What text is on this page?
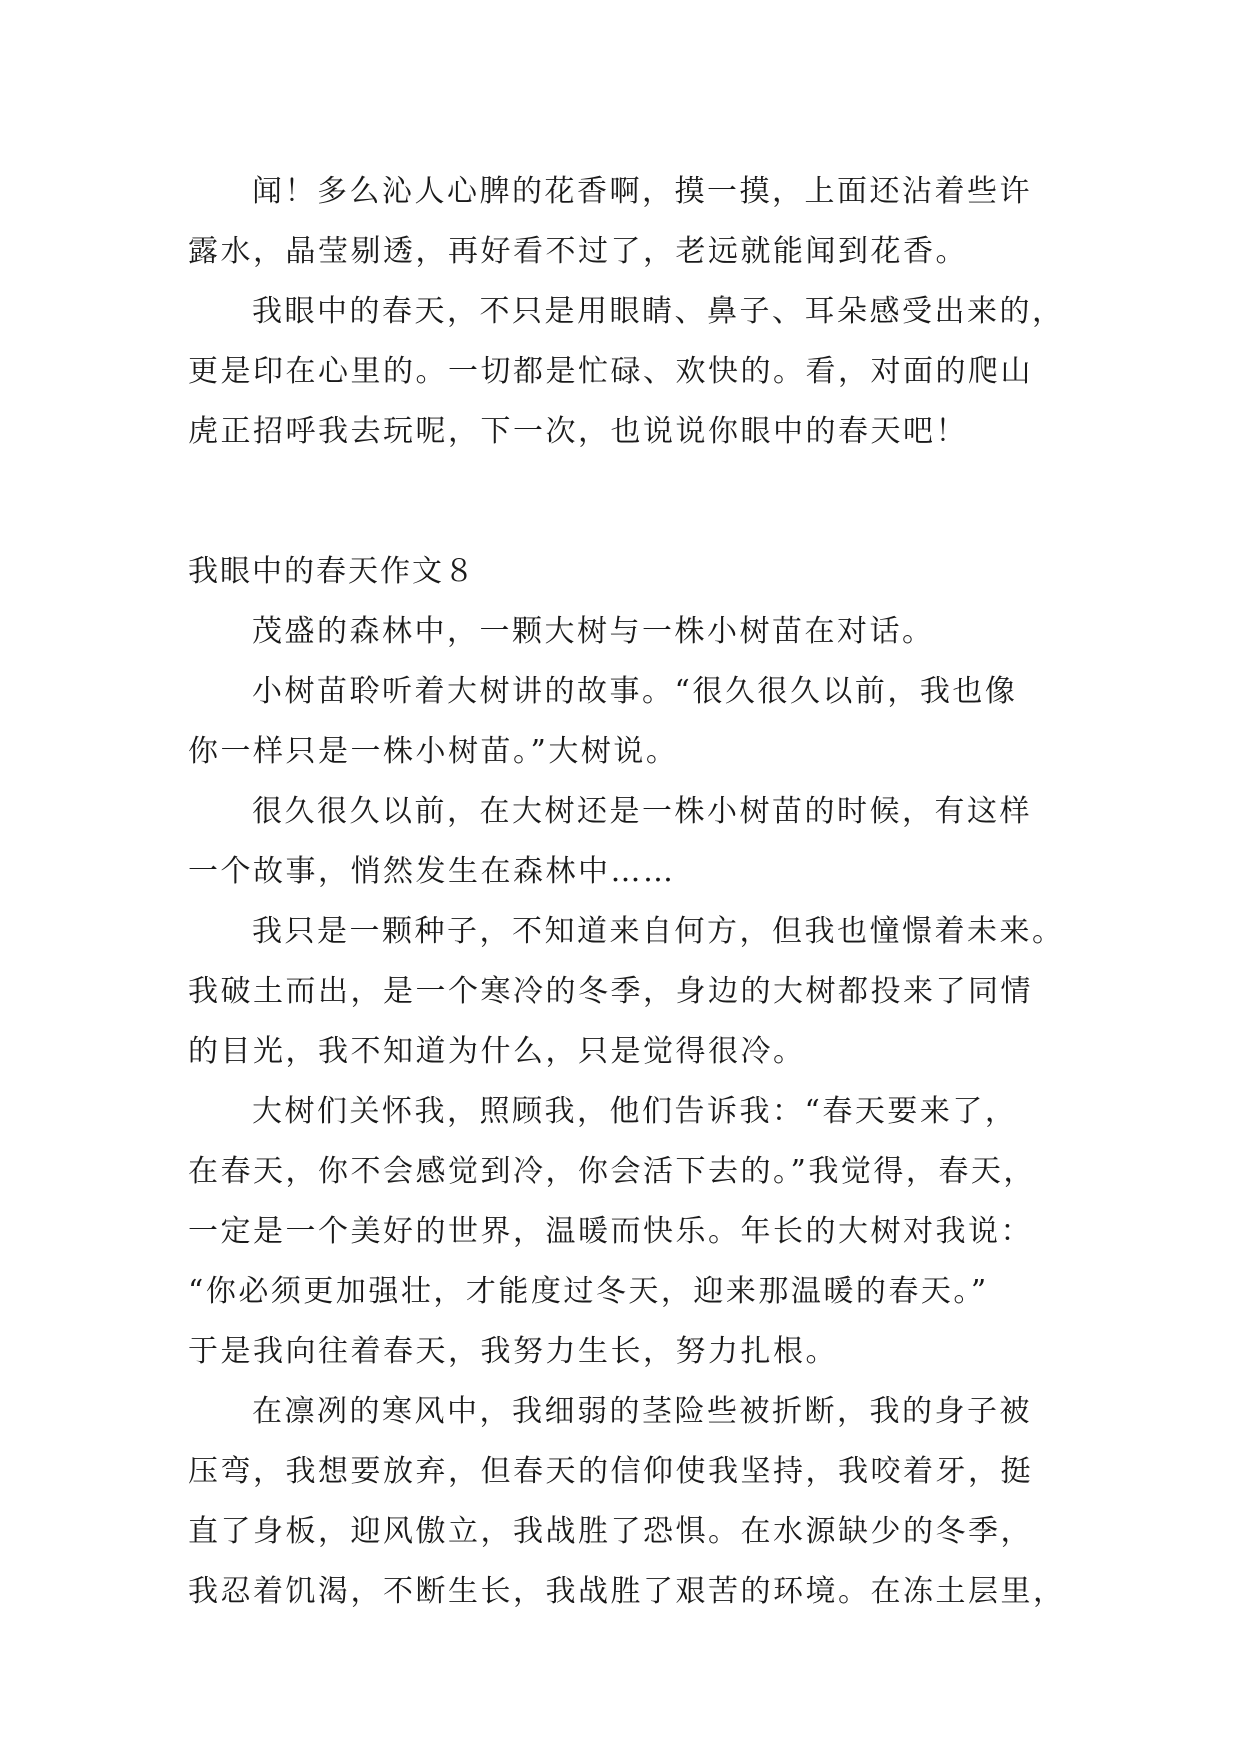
闻！多么沁人心脾的花香啊，摸一摸，上面还沾着些许

露水，晶莹剔透，再好看不过了，老远就能闻到花香。

我眼中的春天，不只是用眼睛、鼻子、耳朵感受出来的，

更是印在心里的。一切都是忙碌、欢快的。看，对面的爬山

虎正招呼我去玩呢，下一次，也说说你眼中的春天吧！

我眼中的春天作文８

茂盛的森林中，一颗大树与一株小树苗在对话。

小树苗聆听着大树讲的故事。“很久很久以前，我也像

你一样只是一株小树苗。”大树说。

很久很久以前，在大树还是一株小树苗的时候，有这样

一个故事，悄然发生在森林中……

我只是一颗种子，不知道来自何方，但我也憧憬着未来。

我破土而出，是一个寒冷的冬季，身边的大树都投来了同情

的目光，我不知道为什么，只是觉得很冷。

大树们关怀我，照顾我，他们告诉我：“春天要来了，

在春天，你不会感觉到冷，你会活下去的。”我觉得，春天，

一定是一个美好的世界，温暖而快乐。年长的大树对我说：

“你必须更加强壮，才能度过冬天，迎来那温暖的春天。”

于是我向往着春天，我努力生长，努力扎根。

在凛冽的寒风中，我细弱的茎险些被折断，我的身子被

压弯，我想要放弃，但春天的信仰使我坚持，我咬着牙，挺

直了身板，迎风傲立，我战胜了恐惧。在水源缺少的冬季，

我忍着饥渴，不断生长，我战胜了艰苦的环境。在冻土层里，
